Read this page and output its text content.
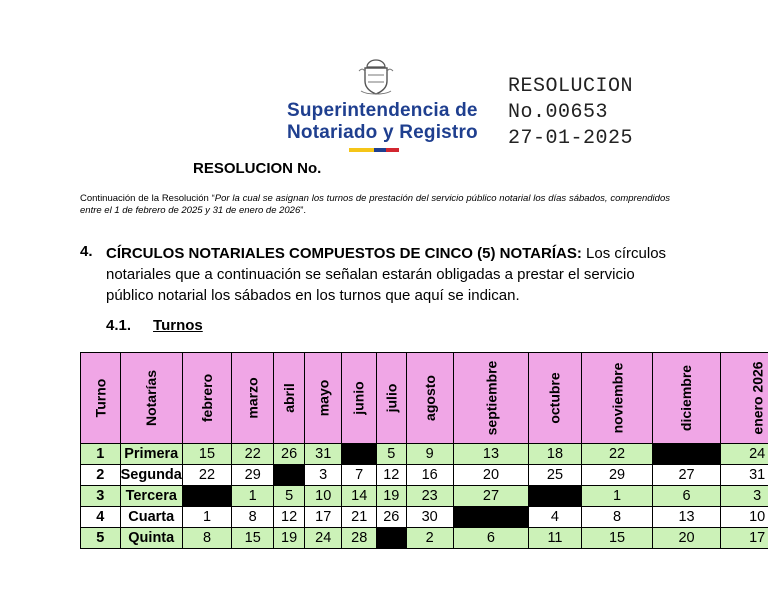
Superintendencia de
Notariado y Registro
RESOLUCION
No.00653
27-01-2025
RESOLUCION No.
Continuación de la Resolución “Por la cual se asignan los turnos de prestación del servicio público notarial los días sábados, comprendidos entre el 1 de febrero de 2025 y 31 de enero de 2026”.
4. CÍRCULOS NOTARIALES COMPUESTOS DE CINCO (5) NOTARÍAS: Los círculos notariales que a continuación se señalan estarán obligadas a prestar el servicio público notarial los sábados en los turnos que aquí se indican.
4.1. Turnos
Turno	Notarías	febrero	marzo	abril	mayo	junio	julio	agosto	septiembre	octubre	noviembre	diciembre	enero 2026
1	Primera	15	22	26	31		5	9	13	18	22		24
2	Segunda	22	29		3	7	12	16	20	25	29	27	31
3	Tercera		1	5	10	14	19	23	27		1	6	3
4	Cuarta	1	8	12	17	21	26	30		4	8	13	10
5	Quinta	8	15	19	24	28		2	6	11	15	20	17
